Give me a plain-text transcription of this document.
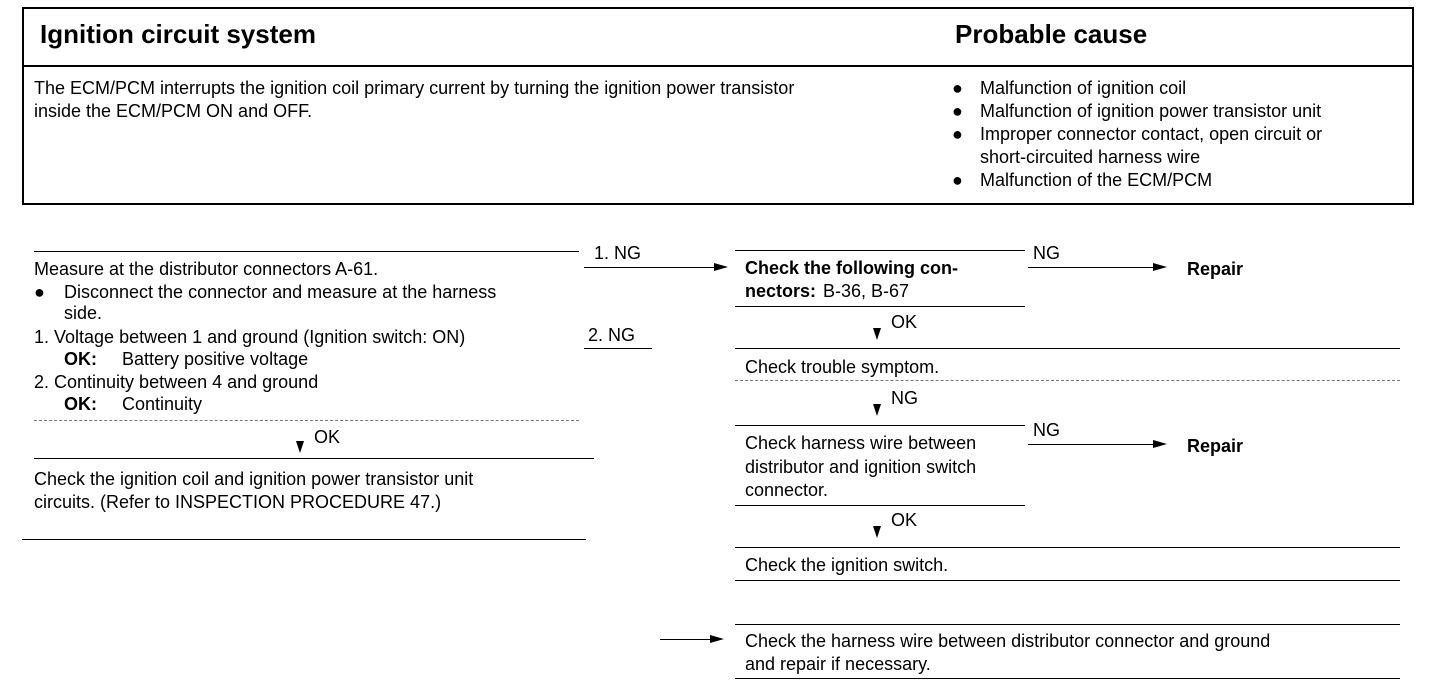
Ignition circuit system	Probable cause
The ECM/PCM interrupts the ignition coil primary current by turning the ignition power transistor
inside the ECM/PCM ON and OFF.
● Malfunction of ignition coil
● Malfunction of ignition power transistor unit
● Improper connector contact, open circuit or
short-circuited harness wire
● Malfunction of the ECM/PCM
1. NG
Measure at the distributor connectors A-61.
● Disconnect the connector and measure at the harness
side.
1. Voltage between 1 and ground (Ignition switch: ON)	2. NG
OK: Battery positive voltage
2. Continuity between 4 and ground
OK: Continuity
OK
Check the ignition coil and ignition power transistor unit
circuits. (Refer to INSPECTION PROCEDURE 47.)
Check the following con-
nectors: B-36, B-67
NG
Repair
OK
Check trouble symptom.
NG
Check harness wire between
distributor and ignition switch
connector.
NG
Repair
OK
Check the ignition switch.
Check the harness wire between distributor connector and ground
and repair if necessary.
